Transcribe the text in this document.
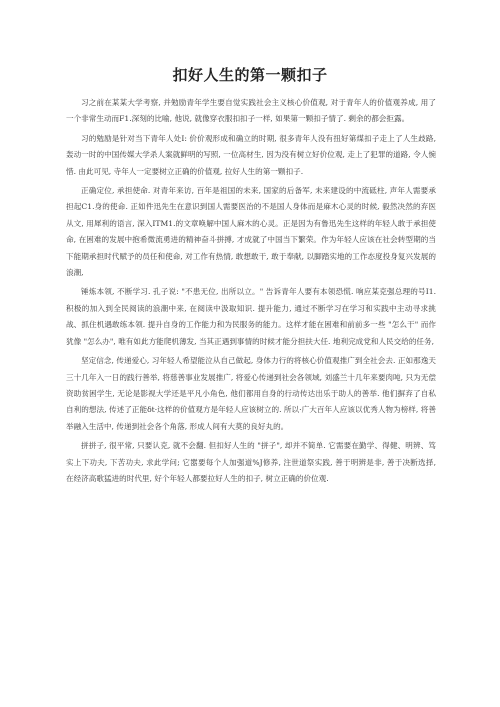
扣好人生的第一颗扣子

习之前在某某大学考察, 并勉励青年学生要自觉实践社会主义核心价值观, 对于青年人的价值观养成, 用了一个非常生动而F1.深刻的比喻, 他说, 就像穿衣服扣扣子一样, 如果第一颗扣子情了. 剩余的都会拒露。

习的勉励是针对当下青年人处I: 价价观形成和确立的时期, 很多青年人没有扭好第煤扣子走上了人生歧路, 轰动一时的中国传媒大学杀人案就鲜明的写照, 一位高材生, 因为没有树立好价位观, 走上了犯罪的道路, 令人惋惜. 由此可见, 寺年人一定要树立正确的价值观, 拉好人生的第一颗扣子.

正确定位, 承担使命. 对青年来访, 百年是祖国的未来, 国家的后备军, 未来建设的中流砥柱, 声年人需要承担起C1.身的使命. 正如件迅先生在意识到国人需要医治的不是国人身体而是麻木心灵的时候, 毅然决然的弃医从文, 用犀利的语言, 深入ITM1.的文章唤解中国人麻木的心灵。正是因为有鲁迅先生这样的年轻人敢于承担使命, 在困难的发展中抱希微流勇进的精神奋斗拼搏, 才成就了中国当下繁荣。作为年轻人应该在社会转型期的当下能期承担时代赋予的员任和使命, 对工作有热情, 敢想敢干, 敢于奉献, 以脚踏实地的工作态度投身复兴发展的浪潮,

锤炼本领, 不断学习. 孔子说: "不患无位, 出所以立。" 告诉青年人要有本领恐慌. 响应某克强总理的号I1.积极的加入到全民阅读的浪潮中来, 在阅读中汲取知识. 提升能力, 通过不断学习在学习和实践中主动寻求挑战、抓住机遇敢练本领. 提升自身的工作能力和为民服务的能力。这样才能在困难和前前多一些 "怎么干" 而作犹像 "怎么办", 唯有如此方能爬机薄发, 当其正遇到事情的时候才能分担扶大任. 地利完成党和人民交给的任务,

坚定信念, 传递爱心, 习年轻人希望能泣从自己做起, 身体力行的将核心价值观推广到全社会去. 正如那逸天三十几年入一日的践行善举, 将慈善事业发展推广, 将爱心传递到社会各领域, 刘盛兰十几年来要肉吨, 只为无偿资助贫困学生, 无论是影视大学还是平凡小角色, 他们都用自身的行动传达出乐于助人的善举. 他们摒弃了自私自利的想法, 传述了正能δt·这样的价值观方是年轻人应该树立的. 所以·广大百年人应该以优秀人物为榜样, 将善举融入生活中, 传递到社会各个角落, 形成人间有大莫的良好丸的。

拼拼子, 很平常, 只要认克, 就不会翻. 但扣好人生的 "拼子", 却并不简单. 它需要在勤学、得健、明辨、笃实上下功夫, 下苦功夫, 求此学问; 它嚣要每个人加强道%J修养, 注世道祭实践, 善于明辨是非, 善于决断选择, 在经济高歌猛进的时代里, 好个年轻人都要拉好人生的扣子, 树立正确的价位观.
